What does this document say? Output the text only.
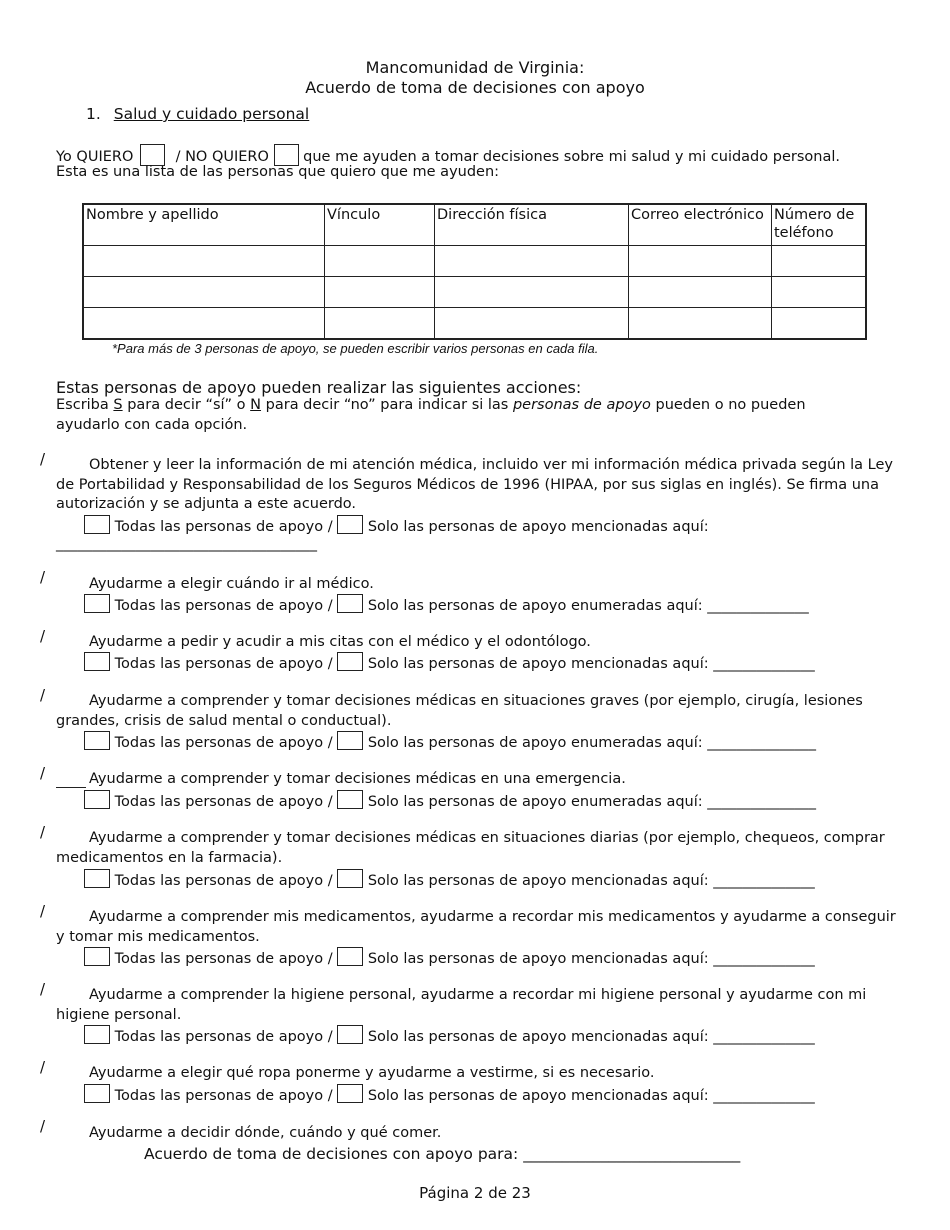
Mancomunidad de Virginia:
Acuerdo de toma de decisiones con apoyo
1. Salud y cuidado personal
Yo QUIERO	/ NO QUIERO que me ayuden a tomar decisiones sobre mi salud y mi cuidado personal.
Esta es una lista de las personas que quiero que me ayuden:
Nombre y apellido	Vínculo	Dirección física	Correo electrónico	Número de teléfono

*Para más de 3 personas de apoyo, se pueden escribir varios personas en cada fila.
Estas personas de apoyo pueden realizar las siguientes acciones:
Escriba S para decir “sí” o N para decir “no” para indicar si las personas de apoyo pueden o no pueden
ayudarlo con cada opción.
/	Obtener y leer la información de mi atención médica, incluido ver mi información médica privada según la Ley de Portabilidad y Responsabilidad de los Seguros Médicos de 1996 (HIPAA, por sus siglas en inglés). Se firma una autorización y se adjunta a este acuerdo.
Todas las personas de apoyo / Solo las personas de apoyo mencionadas aquí:
____________________________________
/	Ayudarme a elegir cuándo ir al médico.
Todas las personas de apoyo / Solo las personas de apoyo enumeradas aquí: ______________
/	Ayudarme a pedir y acudir a mis citas con el médico y el odontólogo.
Todas las personas de apoyo / Solo las personas de apoyo mencionadas aquí: ______________
/	Ayudarme a comprender y tomar decisiones médicas en situaciones graves (por ejemplo, cirugía, lesiones grandes, crisis de salud mental o conductual).
Todas las personas de apoyo / Solo las personas de apoyo enumeradas aquí: _______________
/	Ayudarme a comprender y tomar decisiones médicas en una emergencia.
Todas las personas de apoyo / Solo las personas de apoyo enumeradas aquí: _______________
/	Ayudarme a comprender y tomar decisiones médicas en situaciones diarias (por ejemplo, chequeos, comprar medicamentos en la farmacia).
Todas las personas de apoyo / Solo las personas de apoyo mencionadas aquí: ______________
/	Ayudarme a comprender mis medicamentos, ayudarme a recordar mis medicamentos y ayudarme a conseguir y tomar mis medicamentos.
Todas las personas de apoyo / Solo las personas de apoyo mencionadas aquí: ______________
/	Ayudarme a comprender la higiene personal, ayudarme a recordar mi higiene personal y ayudarme con mi higiene personal.
Todas las personas de apoyo / Solo las personas de apoyo mencionadas aquí: ______________
/	Ayudarme a elegir qué ropa ponerme y ayudarme a vestirme, si es necesario.
Todas las personas de apoyo / Solo las personas de apoyo mencionadas aquí: ______________
/	Ayudarme a decidir dónde, cuándo y qué comer.
Acuerdo de toma de decisiones con apoyo para: ____________________________
Página 2 de 23
